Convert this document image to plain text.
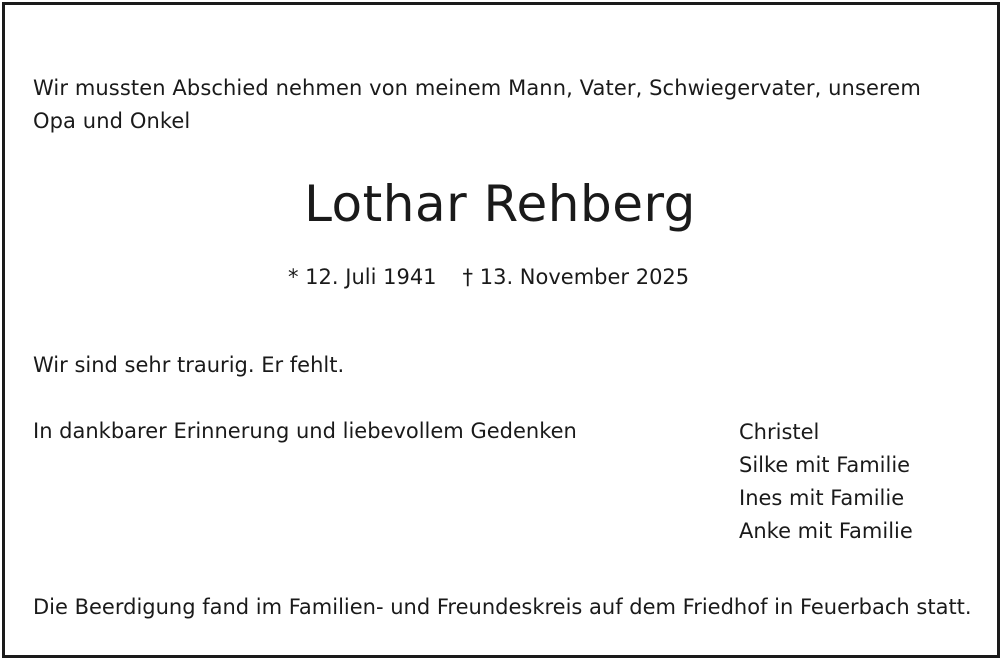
Wir mussten Abschied nehmen von meinem Mann, Vater, Schwiegervater, unserem Opa und Onkel
Lothar Rehberg
* 12. Juli 1941 † 13. November 2025
Wir sind sehr traurig. Er fehlt.
In dankbarer Erinnerung und liebevollem Gedenken	Christel
Silke mit Familie
Ines mit Familie
Anke mit Familie
Die Beerdigung fand im Familien- und Freundeskreis auf dem Friedhof in Feuerbach statt.
